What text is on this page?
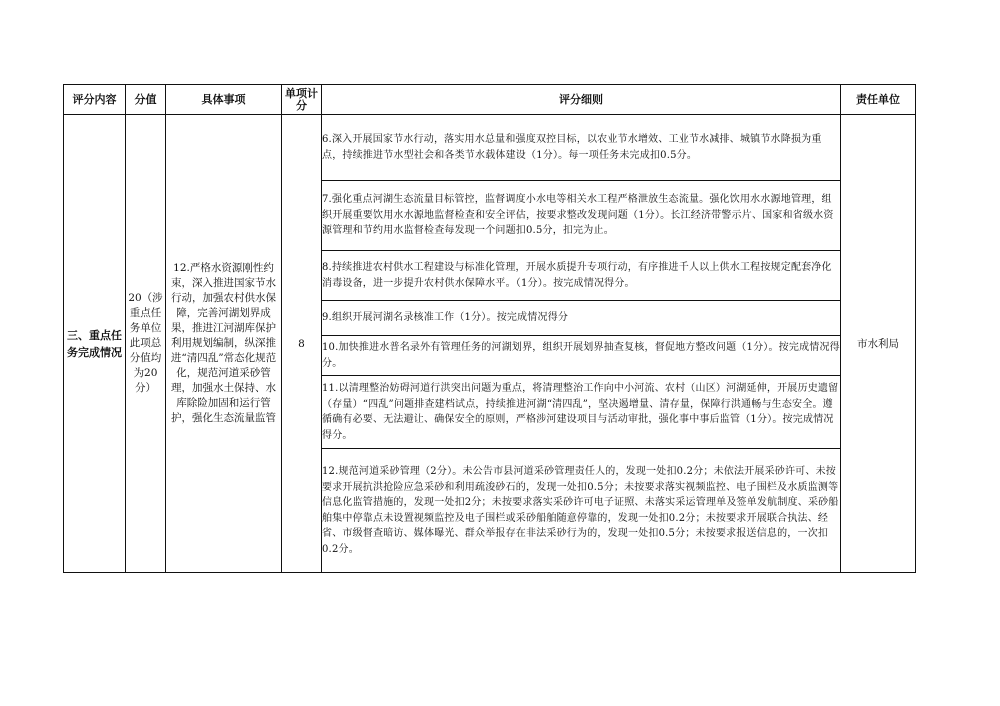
评分内容	分值	具体事项	单项计分	评分细则	责任单位
三、重点任务完成情况	20（涉重点任务单位此项总分值均为20分）	12.严格水资源刚性约束，深入推进国家节水行动，加强农村供水保障，完善河湖划界成果，推进江河湖库保护利用规划编制，纵深推进“清四乱”常态化规范化，规范河道采砂管理，加强水土保持、水库除险加固和运行管护，强化生态流量监管	8	6.深入开展国家节水行动，落实用水总量和强度双控目标，以农业节水增效、工业节水减排、城镇节水降损为重点，持续推进节水型社会和各类节水载体建设（1分）。每一项任务未完成扣0.5分。	市水利局
				7.强化重点河湖生态流量目标管控，监督调度小水电等相关水工程严格泄放生态流量。强化饮用水水源地管理，组织开展重要饮用水水源地监督检查和安全评估，按要求整改发现问题（1分）。长江经济带警示片、国家和省级水资源管理和节约用水监督检查每发现一个问题扣0.5分，扣完为止。	
				8.持续推进农村供水工程建设与标准化管理，开展水质提升专项行动，有序推进千人以上供水工程按规定配套净化消毒设备，进一步提升农村供水保障水平。（1分）。按完成情况得分。	
				9.组织开展河湖名录核准工作（1分）。按完成情况得分	
				10.加快推进水普名录外有管理任务的河湖划界，组织开展划界抽查复核，督促地方整改问题（1分）。按完成情况得分。	
				11.以清理整治妨碍河道行洪突出问题为重点，将清理整治工作向中小河流、农村（山区）河湖延伸，开展历史遗留（存量）“四乱”问题排查建档试点，持续推进河湖“清四乱”，坚决遏增量、清存量，保障行洪通畅与生态安全。遵循确有必要、无法避让、确保安全的原则，严格涉河建设项目与活动审批，强化事中事后监管（1分）。按完成情况得分。	
				12.规范河道采砂管理（2分）。未公告市县河道采砂管理责任人的，发现一处扣0.2分；未依法开展采砂许可、未按要求开展抗洪抢险应急采砂和利用疏浚砂石的，发现一处扣0.5分；未按要求落实视频监控、电子围栏及水质监测等信息化监管措施的，发现一处扣2分；未按要求落实采砂许可电子证照、未落实采运管理单及签单发航制度、采砂船舶集中停靠点未设置视频监控及电子围栏或采砂船舶随意停靠的，发现一处扣0.2分；未按要求开展联合执法、经省、市级督查暗访、媒体曝光、群众举报存在非法采砂行为的，发现一处扣0.5分；未按要求报送信息的，一次扣0.2分。	
